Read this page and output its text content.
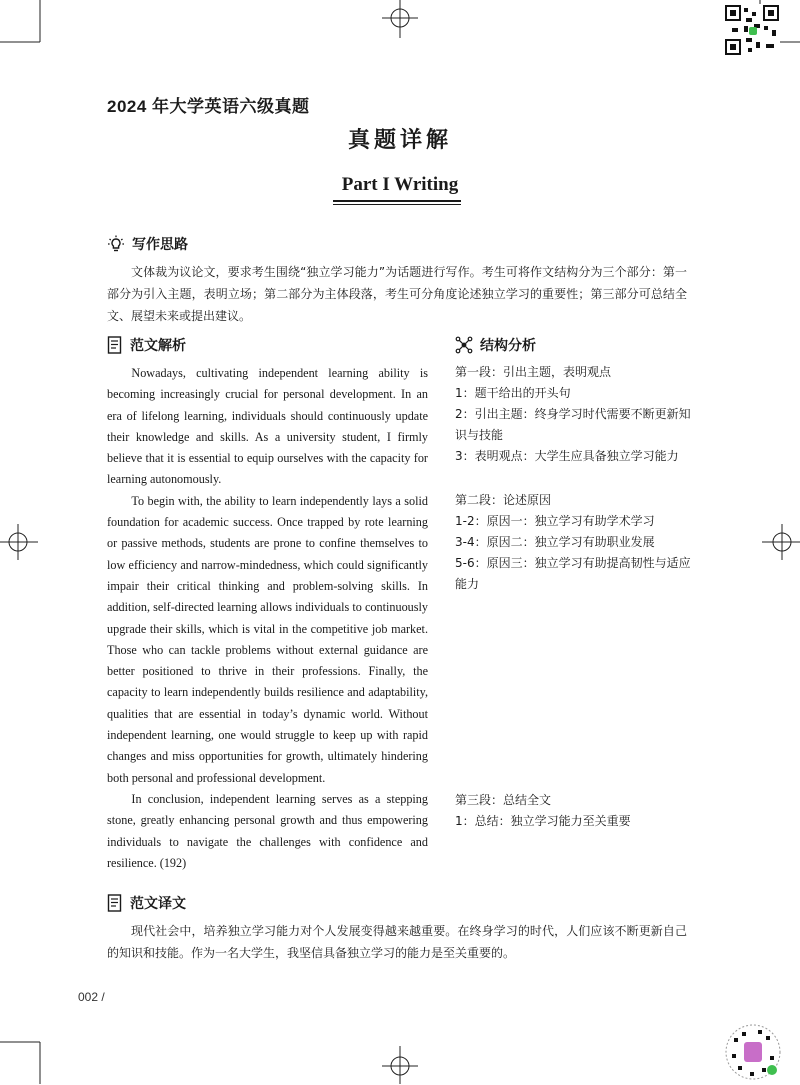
2024 年大学英语六级真题
真题详解
Part I Writing
写作思路

文体裁为议论文，要求考生围绕“独立学习能力”为话题进行写作。考生可将作文结构分为三个部分：第一部分为引入主题，表明立场；第二部分为主体段落，考生可分角度论述独立学习的重要性；第三部分可总结全文、展望未来或提出建议。

范文解析

Nowadays, cultivating independent learning ability is becoming increasingly crucial for personal development. In an era of lifelong learning, individuals should continuously update their knowledge and skills. As a university student, I firmly believe that it is essential to equip ourselves with the capacity for learning autonomously.

To begin with, the ability to learn independently lays a solid foundation for academic success. Once trapped by rote learning or passive methods, students are prone to confine themselves to low efficiency and narrow-mindedness, which could significantly impair their critical thinking and problem-solving skills. In addition, self-directed learning allows individuals to continuously upgrade their skills, which is vital in the competitive job market. Those who can tackle problems without external guidance are better positioned to thrive in their professions. Finally, the capacity to learn independently builds resilience and adaptability, qualities that are essential in today’s dynamic world. Without independent learning, one would struggle to keep up with rapid changes and miss opportunities for growth, ultimately hindering both personal and professional development.

In conclusion, independent learning serves as a stepping stone, greatly enhancing personal growth and thus empowering individuals to navigate the challenges with confidence and resilience. (192)

结构分析
第一段：引出主题，表明观点
1：题干给出的开头句
2：引出主题：终身学习时代需要不断更新知识与技能
3：表明观点：大学生应具备独立学习能力
第二段：论述原因
1-2：原因一：独立学习有助学术学习
3-4：原因二：独立学习有助职业发展
5-6：原因三：独立学习有助提高韧性与适应能力
第三段：总结全文
1：总结：独立学习能力至关重要
范文译文

现代社会中，培养独立学习能力对个人发展变得越来越重要。在终身学习的时代，人们应该不断更新自己的知识和技能。作为一名大学生，我坚信具备独立学习的能力是至关重要的。

002 /
